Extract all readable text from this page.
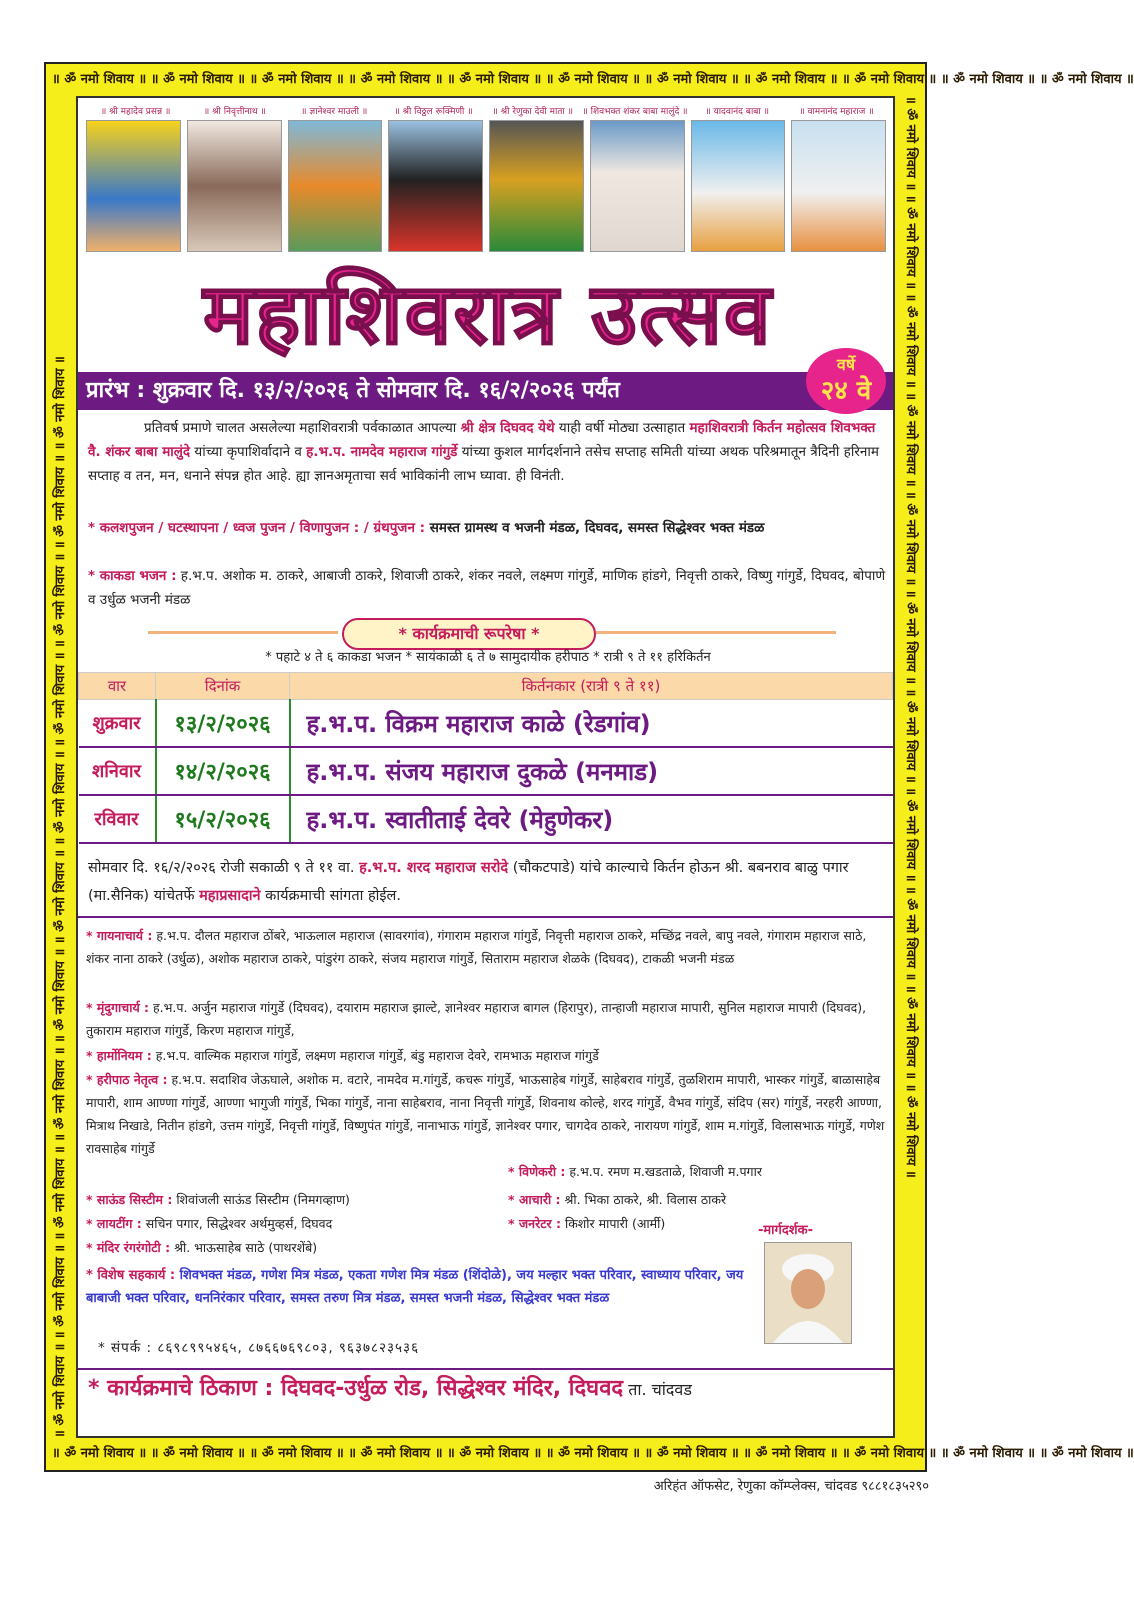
॥ ॐ नमो शिवाय ॥ ॥ ॐ नमो शिवाय ॥ ॥ ॐ नमो शिवाय ॥ ॥ ॐ नमो शिवाय ॥ ॥ ॐ नमो शिवाय ॥ ॥ ॐ नमो शिवाय ॥ ॥ ॐ नमो शिवाय ॥ ॥ ॐ नमो शिवाय ॥ ॥ ॐ नमो शिवाय ॥ ॥ ॐ नमो शिवाय ॥ ॥ ॐ नमो शिवाय ॥
॥ ॐ नमो शिवाय ॥ ॥ ॐ नमो शिवाय ॥ ॥ ॐ नमो शिवाय ॥ ॥ ॐ नमो शिवाय ॥ ॥ ॐ नमो शिवाय ॥ ॥ ॐ नमो शिवाय ॥ ॥ ॐ नमो शिवाय ॥ ॥ ॐ नमो शिवाय ॥ ॥ ॐ नमो शिवाय ॥ ॥ ॐ नमो शिवाय ॥ ॥ ॐ नमो शिवाय ॥	॥ ॐ नमो शिवाय ॥ ॥ ॐ नमो शिवाय ॥ ॥ ॐ नमो शिवाय ॥ ॥ ॐ नमो शिवाय ॥ ॥ ॐ नमो शिवाय ॥ ॥ ॐ नमो शिवाय ॥ ॥ ॐ नमो शिवाय ॥ ॥ ॐ नमो शिवाय ॥ ॥ ॐ नमो शिवाय ॥ ॥ ॐ नमो शिवाय ॥ ॥ ॐ नमो शिवाय ॥
॥ ॐ नमो शिवाय ॥ ॥ ॐ नमो शिवाय ॥ ॥ ॐ नमो शिवाय ॥ ॥ ॐ नमो शिवाय ॥ ॥ ॐ नमो शिवाय ॥ ॥ ॐ नमो शिवाय ॥ ॥ ॐ नमो शिवाय ॥ ॥ ॐ नमो शिवाय ॥ ॥ ॐ नमो शिवाय ॥ ॥ ॐ नमो शिवाय ॥ ॥ ॐ नमो शिवाय ॥
॥ श्री महादेव प्रसन्न ॥	॥ श्री निवृत्तीनाथ ॥	॥ ज्ञानेश्वर माउली ॥	॥ श्री विठ्ठल रूक्मिणी ॥	॥ श्री रेणुका देवी माता ॥	॥ शिवभक्त शंकर बाबा मालुंदे ॥	॥ यादवानंद बाबा ॥	॥ वामनानंद महाराज ॥
महाशिवरात्र उत्सव
प्रारंभ : शुक्रवार दि. १३/२/२०२६ ते सोमवार दि. १६/२/२०२६ पर्यंत
वर्षे
२४ वे
प्रतिवर्ष प्रमाणे चालत असलेल्या महाशिवरात्री पर्वकाळात आपल्या श्री क्षेत्र दिघवद येथे याही वर्षी मोठ्या उत्साहात महाशिवरात्री किर्तन महोत्सव शिवभक्त वै. शंकर बाबा मालुंदे यांच्या कृपाशिर्वादाने व ह.भ.प. नामदेव महाराज गांगुर्डे यांच्या कुशल मार्गदर्शनाने तसेच सप्ताह समिती यांच्या अथक परिश्रमातून त्रैदिनी हरिनाम सप्ताह व तन, मन, धनाने संपन्न होत आहे. ह्या ज्ञानअमृताचा सर्व भाविकांनी लाभ घ्यावा. ही विनंती.
* कलशपुजन / घटस्थापना / ध्वज पुजन / विणापुजन : / ग्रंथपुजन : समस्त ग्रामस्थ व भजनी मंडळ, दिघवद, समस्त सिद्धेश्वर भक्त मंडळ
* काकडा भजन : ह.भ.प. अशोक म. ठाकरे, आबाजी ठाकरे, शिवाजी ठाकरे, शंकर नवले, लक्ष्मण गांगुर्डे, माणिक हांडगे, निवृत्ती ठाकरे, विष्णु गांगुर्डे, दिघवद, बोपाणे व उर्धुळ भजनी मंडळ
* कार्यक्रमाची रूपरेषा *
* पहाटे ४ ते ६ काकडा भजन * सायंकाळी ६ ते ७ सामुदायीक हरीपाठ * रात्री ९ ते ११ हरिकिर्तन
वार	दिनांक	किर्तनकार (रात्री ९ ते ११)
शुक्रवार	१३/२/२०२६	ह.भ.प. विक्रम महाराज काळे (रेडगांव)
शनिवार	१४/२/२०२६	ह.भ.प. संजय महाराज दुकळे (मनमाड)
रविवार	१५/२/२०२६	ह.भ.प. स्वातीताई देवरे (मेहुणेकर)
सोमवार दि. १६/२/२०२६ रोजी सकाळी ९ ते ११ वा. ह.भ.प. शरद महाराज सरोदे (चौकटपाडे) यांचे काल्याचे किर्तन होऊन श्री. बबनराव बाळु पगार (मा.सैनिक) यांचेतर्फे महाप्रसादाने कार्यक्रमाची सांगता होईल.
* गायनाचार्य : ह.भ.प. दौलत महाराज ठोंबरे, भाऊलाल महाराज (सावरगांव), गंगाराम महाराज गांगुर्डे, निवृत्ती महाराज ठाकरे, मच्छिंद्र नवले, बापु नवले, गंगाराम महाराज साठे, शंकर नाना ठाकरे (उर्धुळ), अशोक महाराज ठाकरे, पांडुरंग ठाकरे, संजय महाराज गांगुर्डे, सिताराम महाराज शेळके (दिघवद), टाकळी भजनी मंडळ
* मृंदुगाचार्य : ह.भ.प. अर्जुन महाराज गांगुर्डे (दिघवद), दयाराम महाराज झाल्टे, ज्ञानेश्वर महाराज बागल (हिरापुर), तान्हाजी महाराज मापारी, सुनिल महाराज मापारी (दिघवद), तुकाराम महाराज गांगुर्डे, किरण महाराज गांगुर्डे,
* हार्मोनियम : ह.भ.प. वाल्मिक महाराज गांगुर्डे, लक्ष्मण महाराज गांगुर्डे, बंडु महाराज देवरे, रामभाऊ महाराज गांगुर्डे
* हरीपाठ नेतृत्व : ह.भ.प. सदाशिव जेऊघाले, अशोक म. वटारे, नामदेव म.गांगुर्डे, कचरू गांगुर्डे, भाऊसाहेब गांगुर्डे, साहेबराव गांगुर्डे, तुळशिराम मापारी, भास्कर गांगुर्डे, बाळासाहेब मापारी, शाम आण्णा गांगुर्डे, आण्णा भागुजी गांगुर्डे, भिका गांगुर्डे, नाना साहेबराव, नाना निवृत्ती गांगुर्डे, शिवनाथ कोल्हे, शरद गांगुर्डे, वैभव गांगुर्डे, संदिप (सर) गांगुर्डे, नरहरी आण्णा, मित्राथ निखाडे, नितीन हांडगे, उत्तम गांगुर्डे, निवृत्ती गांगुर्डे, विष्णुपंत गांगुर्डे, नानाभाऊ गांगुर्डे, ज्ञानेश्वर पगार, चागदेव ठाकरे, नारायण गांगुर्डे, शाम म.गांगुर्डे, विलासभाऊ गांगुर्डे, गणेश रावसाहेब गांगुर्डे
* विणेकरी : ह.भ.प. रमण म.खडताळे, शिवाजी म.पगार
* साऊंड सिस्टीम : शिवांजली साऊंड सिस्टीम (निमगव्हाण)	* आचारी : श्री. भिका ठाकरे, श्री. विलास ठाकरे
* लायटींग : सचिन पगार, सिद्धेश्वर अर्थमुव्हर्स, दिघवद	* जनरेटर : किशोर मापारी (आर्मी)
* मंदिर रंगरंगोटी : श्री. भाऊसाहेब साठे (पाथरशेंबे)
* विशेष सहकार्य : शिवभक्त मंडळ, गणेश मित्र मंडळ, एकता गणेश मित्र मंडळ (शिंदोळे), जय मल्हार भक्त परिवार, स्वाध्याय परिवार, जय बाबाजी भक्त परिवार, धननिरंकार परिवार, समस्त तरुण मित्र मंडळ, समस्त भजनी मंडळ, सिद्धेश्वर भक्त मंडळ
* संपर्क : ८६९८९९५४६५, ८७६६७६९८०३, ९६३७८२३५३६
-मार्गदर्शक-
* कार्यक्रमाचे ठिकाण : दिघवद-उर्धुळ रोड, सिद्धेश्वर मंदिर, दिघवद ता. चांदवड
अरिहंत ऑफसेट, रेणुका कॉम्प्लेक्स, चांदवड ९८८१८३५२९०
